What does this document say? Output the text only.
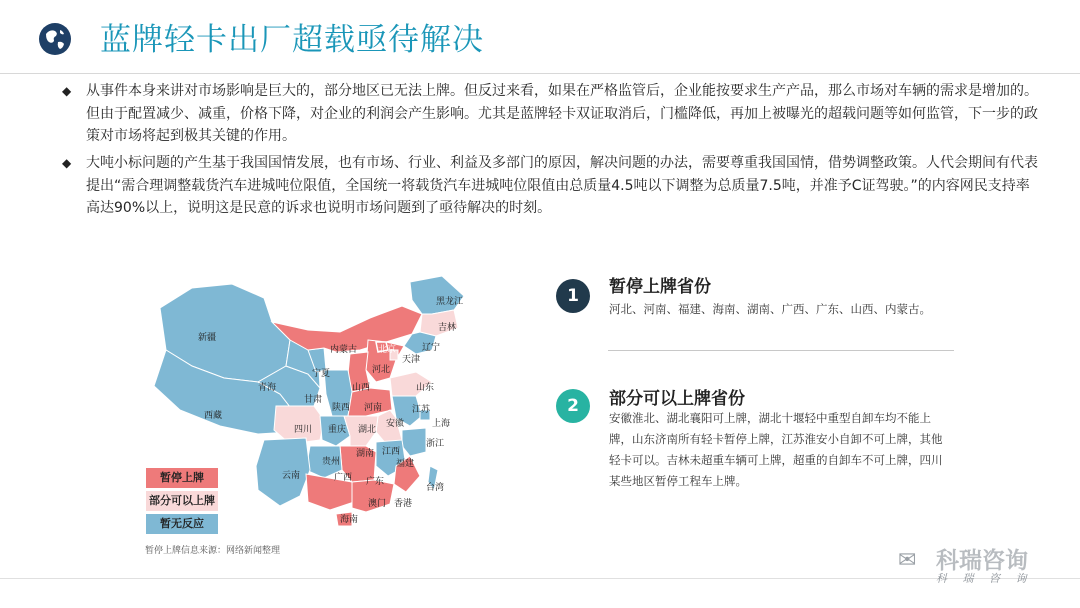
蓝牌轻卡出厂超载亟待解决
◆ 从事件本身来讲对市场影响是巨大的，部分地区已无法上牌。但反过来看，如果在严格监管后，企业能按要求生产产品，那么市场对车辆的需求是增加的。但由于配置减少、减重，价格下降，对企业的利润会产生影响。尤其是蓝牌轻卡双证取消后，门槛降低，再加上被曝光的超载问题等如何监管，下一步的政策对市场将起到极其关键的作用。
◆ 大吨小标问题的产生基于我国国情发展，也有市场、行业、利益及多部门的原因，解决问题的办法，需要尊重我国国情，借势调整政策。人代会期间有代表提出“需合理调整载货汽车进城吨位限值，全国统一将载货汽车进城吨位限值由总质量4.5吨以下调整为总质量7.5吨，并准予C证驾驶。”的内容网民支持率高达90%以上，说明这是民意的诉求也说明市场问题到了亟待解决的时刻。
黑龙江
吉林
辽宁
内蒙古 北京
天津
河北
山西	山东
宁夏
甘肃
青海
新疆
西藏
陕西 河南	江苏
上海
安徽
四川 重庆 湖北
浙江
江西
湖南
贵州
云南	广西 广东
福建
台湾
澳门 香港
海南
暂停上牌
部分可以上牌
暂无反应
暂停上牌信息来源：网络新闻整理
1	暂停上牌省份
河北、河南、福建、海南、湖南、广西、广东、山西、内蒙古。
2	部分可以上牌省份
安徽淮北、湖北襄阳可上牌，湖北十堰轻中重型自卸车均不能上牌，山东济南所有轻卡暂停上牌，江苏淮安小自卸不可上牌，其他轻卡可以。吉林未超重车辆可上牌，超重的自卸车不可上牌，四川某些地区暂停工程车上牌。
✉ 科瑞咨询
科 瑞 咨 询
